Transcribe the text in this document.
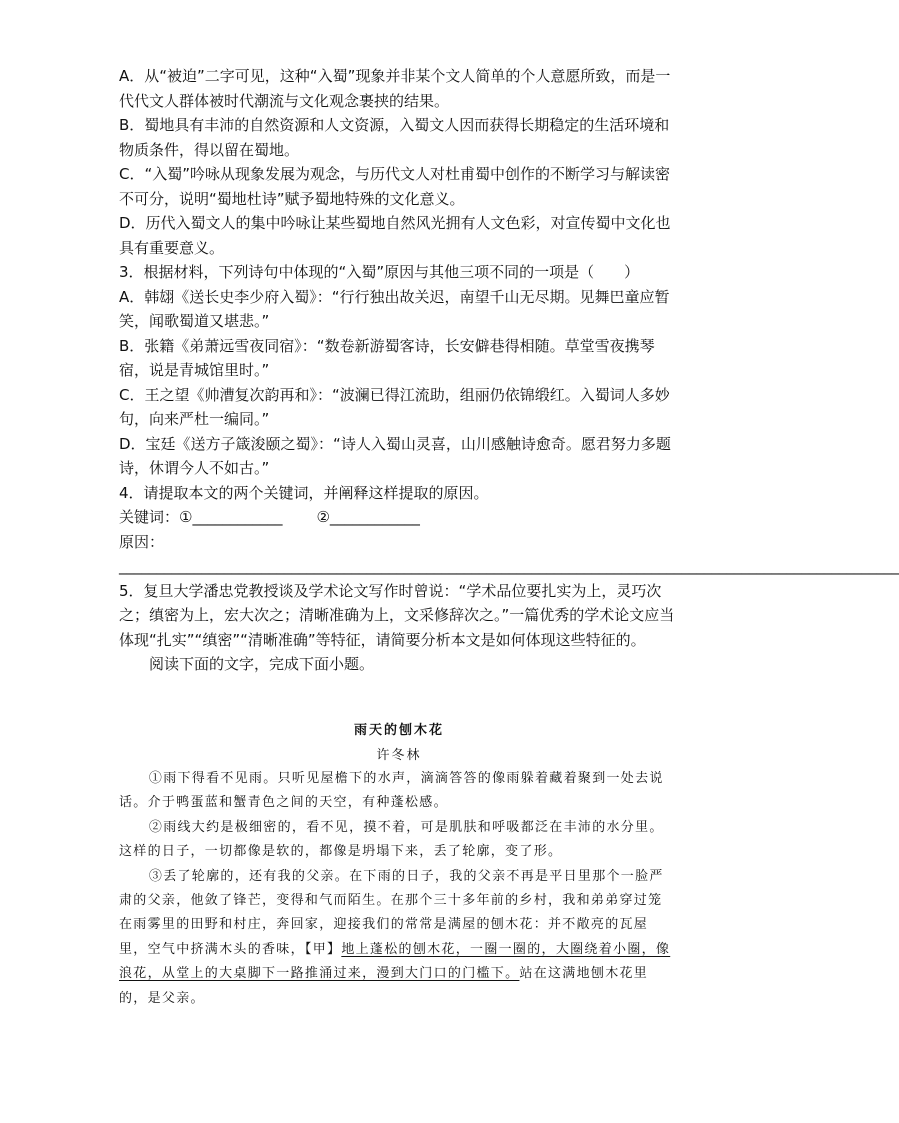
A．从“被迫”二字可见，这种“入蜀”现象并非某个文人简单的个人意愿所致，而是一代代文人群体被时代潮流与文化观念裹挟的结果。

B．蜀地具有丰沛的自然资源和人文资源，入蜀文人因而获得长期稳定的生活环境和物质条件，得以留在蜀地。

C．“入蜀”吟咏从现象发展为观念，与历代文人对杜甫蜀中创作的不断学习与解读密不可分，说明“蜀地杜诗”赋予蜀地特殊的文化意义。

D．历代入蜀文人的集中吟咏让某些蜀地自然风光拥有人文色彩，对宣传蜀中文化也具有重要意义。

3．根据材料，下列诗句中体现的“入蜀”原因与其他三项不同的一项是（　　）

A．韩翃《送长史李少府入蜀》：“行行独出故关迟，南望千山无尽期。见舞巴童应暂笑，闻歌蜀道又堪悲。”

B．张籍《弟萧远雪夜同宿》：“数卷新游蜀客诗，长安僻巷得相随。草堂雪夜携琴宿，说是青城馆里时。”

C．王之望《帅漕复次韵再和》：“波澜已得江流助，组丽仍依锦缎红。入蜀词人多妙句，向来严杜一编同。”

D．宝廷《送方子箴浚颐之蜀》：“诗人入蜀山灵喜，山川感触诗愈奇。愿君努力多题诗，休谓今人不如古。”

4．请提取本文的两个关键词，并阐释这样提取的原因。

关键词：①____________ ②____________

原因：

________________________________________________________________________________________________________

5．复旦大学潘忠党教授谈及学术论文写作时曾说：“学术品位要扎实为上，灵巧次之；缜密为上，宏大次之；清晰准确为上，文采修辞次之。”一篇优秀的学术论文应当体现“扎实”“缜密”“清晰准确”等特征，请简要分析本文是如何体现这些特征的。

阅读下面的文字，完成下面小题。

雨天的刨木花
许冬林

①雨下得看不见雨。只听见屋檐下的水声，滴滴答答的像雨躲着藏着聚到一处去说话。介于鸭蛋蓝和蟹青色之间的天空，有种蓬松感。

②雨线大约是极细密的，看不见，摸不着，可是肌肤和呼吸都泛在丰沛的水分里。这样的日子，一切都像是软的，都像是坍塌下来，丢了轮廓，变了形。

③丢了轮廓的，还有我的父亲。在下雨的日子，我的父亲不再是平日里那个一脸严肃的父亲，他敛了锋芒，变得和气而陌生。在那个三十多年前的乡村，我和弟弟穿过笼在雨雾里的田野和村庄，奔回家，迎接我们的常常是满屋的刨木花：并不敞亮的瓦屋里，空气中挤满木头的香味，【甲】地上蓬松的刨木花，一圈一圈的，大圈绕着小圈，像浪花，从堂上的大桌脚下一路推涌过来，漫到大门口的门槛下。站在这满地刨木花里的，是父亲。
